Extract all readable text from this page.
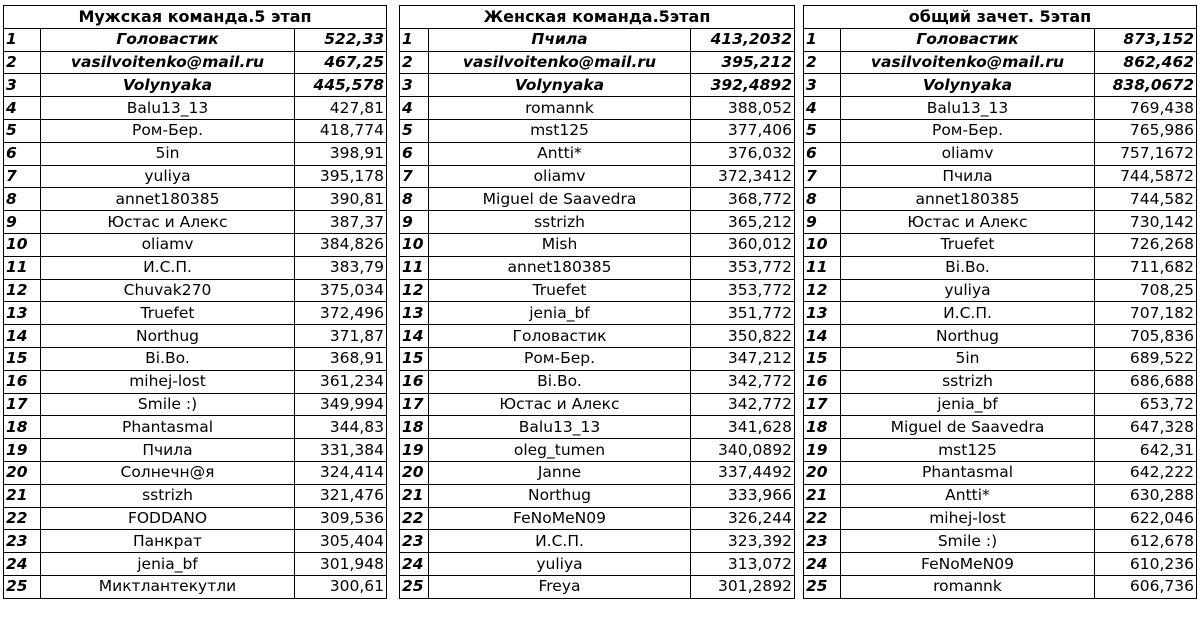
Мужская команда.5 этап		
1	Головастик	522,33
2	vasilvoitenko@mail.ru	467,25
3	Volynyaka	445,578
4	Balu13_13	427,81
5	Ром-Бер.	418,774
6	5in	398,91
7	yuliya	395,178
8	annet180385	390,81
9	Юстас и Алекс	387,37
10	oliamv	384,826
11	И.С.П.	383,79
12	Chuvak270	375,034
13	Truefet	372,496
14	Northug	371,87
15	Bi.Bo.	368,91
16	mihej-lost	361,234
17	Smile :)	349,994
18	Phantasmal	344,83
19	Пчила	331,384
20	Солнечн@я	324,414
21	sstrizh	321,476
22	FODDANO	309,536
23	Панкрат	305,404
24	jenia_bf	301,948
25	Миктлантекутли	300,61
Женская команда.5этап		
1	Пчила	413,2032
2	vasilvoitenko@mail.ru	395,212
3	Volynyaka	392,4892
4	romannk	388,052
5	mst125	377,406
6	Antti*	376,032
7	oliamv	372,3412
8	Miguel de Saavedra	368,772
9	sstrizh	365,212
10	Mish	360,012
11	annet180385	353,772
12	Truefet	353,772
13	jenia_bf	351,772
14	Головастик	350,822
15	Ром-Бер.	347,212
16	Bi.Bo.	342,772
17	Юстас и Алекс	342,772
18	Balu13_13	341,628
19	oleg_tumen	340,0892
20	Janne	337,4492
21	Northug	333,966
22	FeNoMeN09	326,244
23	И.С.П.	323,392
24	yuliya	313,072
25	Freya	301,2892
общий зачет. 5этап		
1	Головастик	873,152
2	vasilvoitenko@mail.ru	862,462
3	Volynyaka	838,0672
4	Balu13_13	769,438
5	Ром-Бер.	765,986
6	oliamv	757,1672
7	Пчила	744,5872
8	annet180385	744,582
9	Юстас и Алекс	730,142
10	Truefet	726,268
11	Bi.Bo.	711,682
12	yuliya	708,25
13	И.С.П.	707,182
14	Northug	705,836
15	5in	689,522
16	sstrizh	686,688
17	jenia_bf	653,72
18	Miguel de Saavedra	647,328
19	mst125	642,31
20	Phantasmal	642,222
21	Antti*	630,288
22	mihej-lost	622,046
23	Smile :)	612,678
24	FeNoMeN09	610,236
25	romannk	606,736
